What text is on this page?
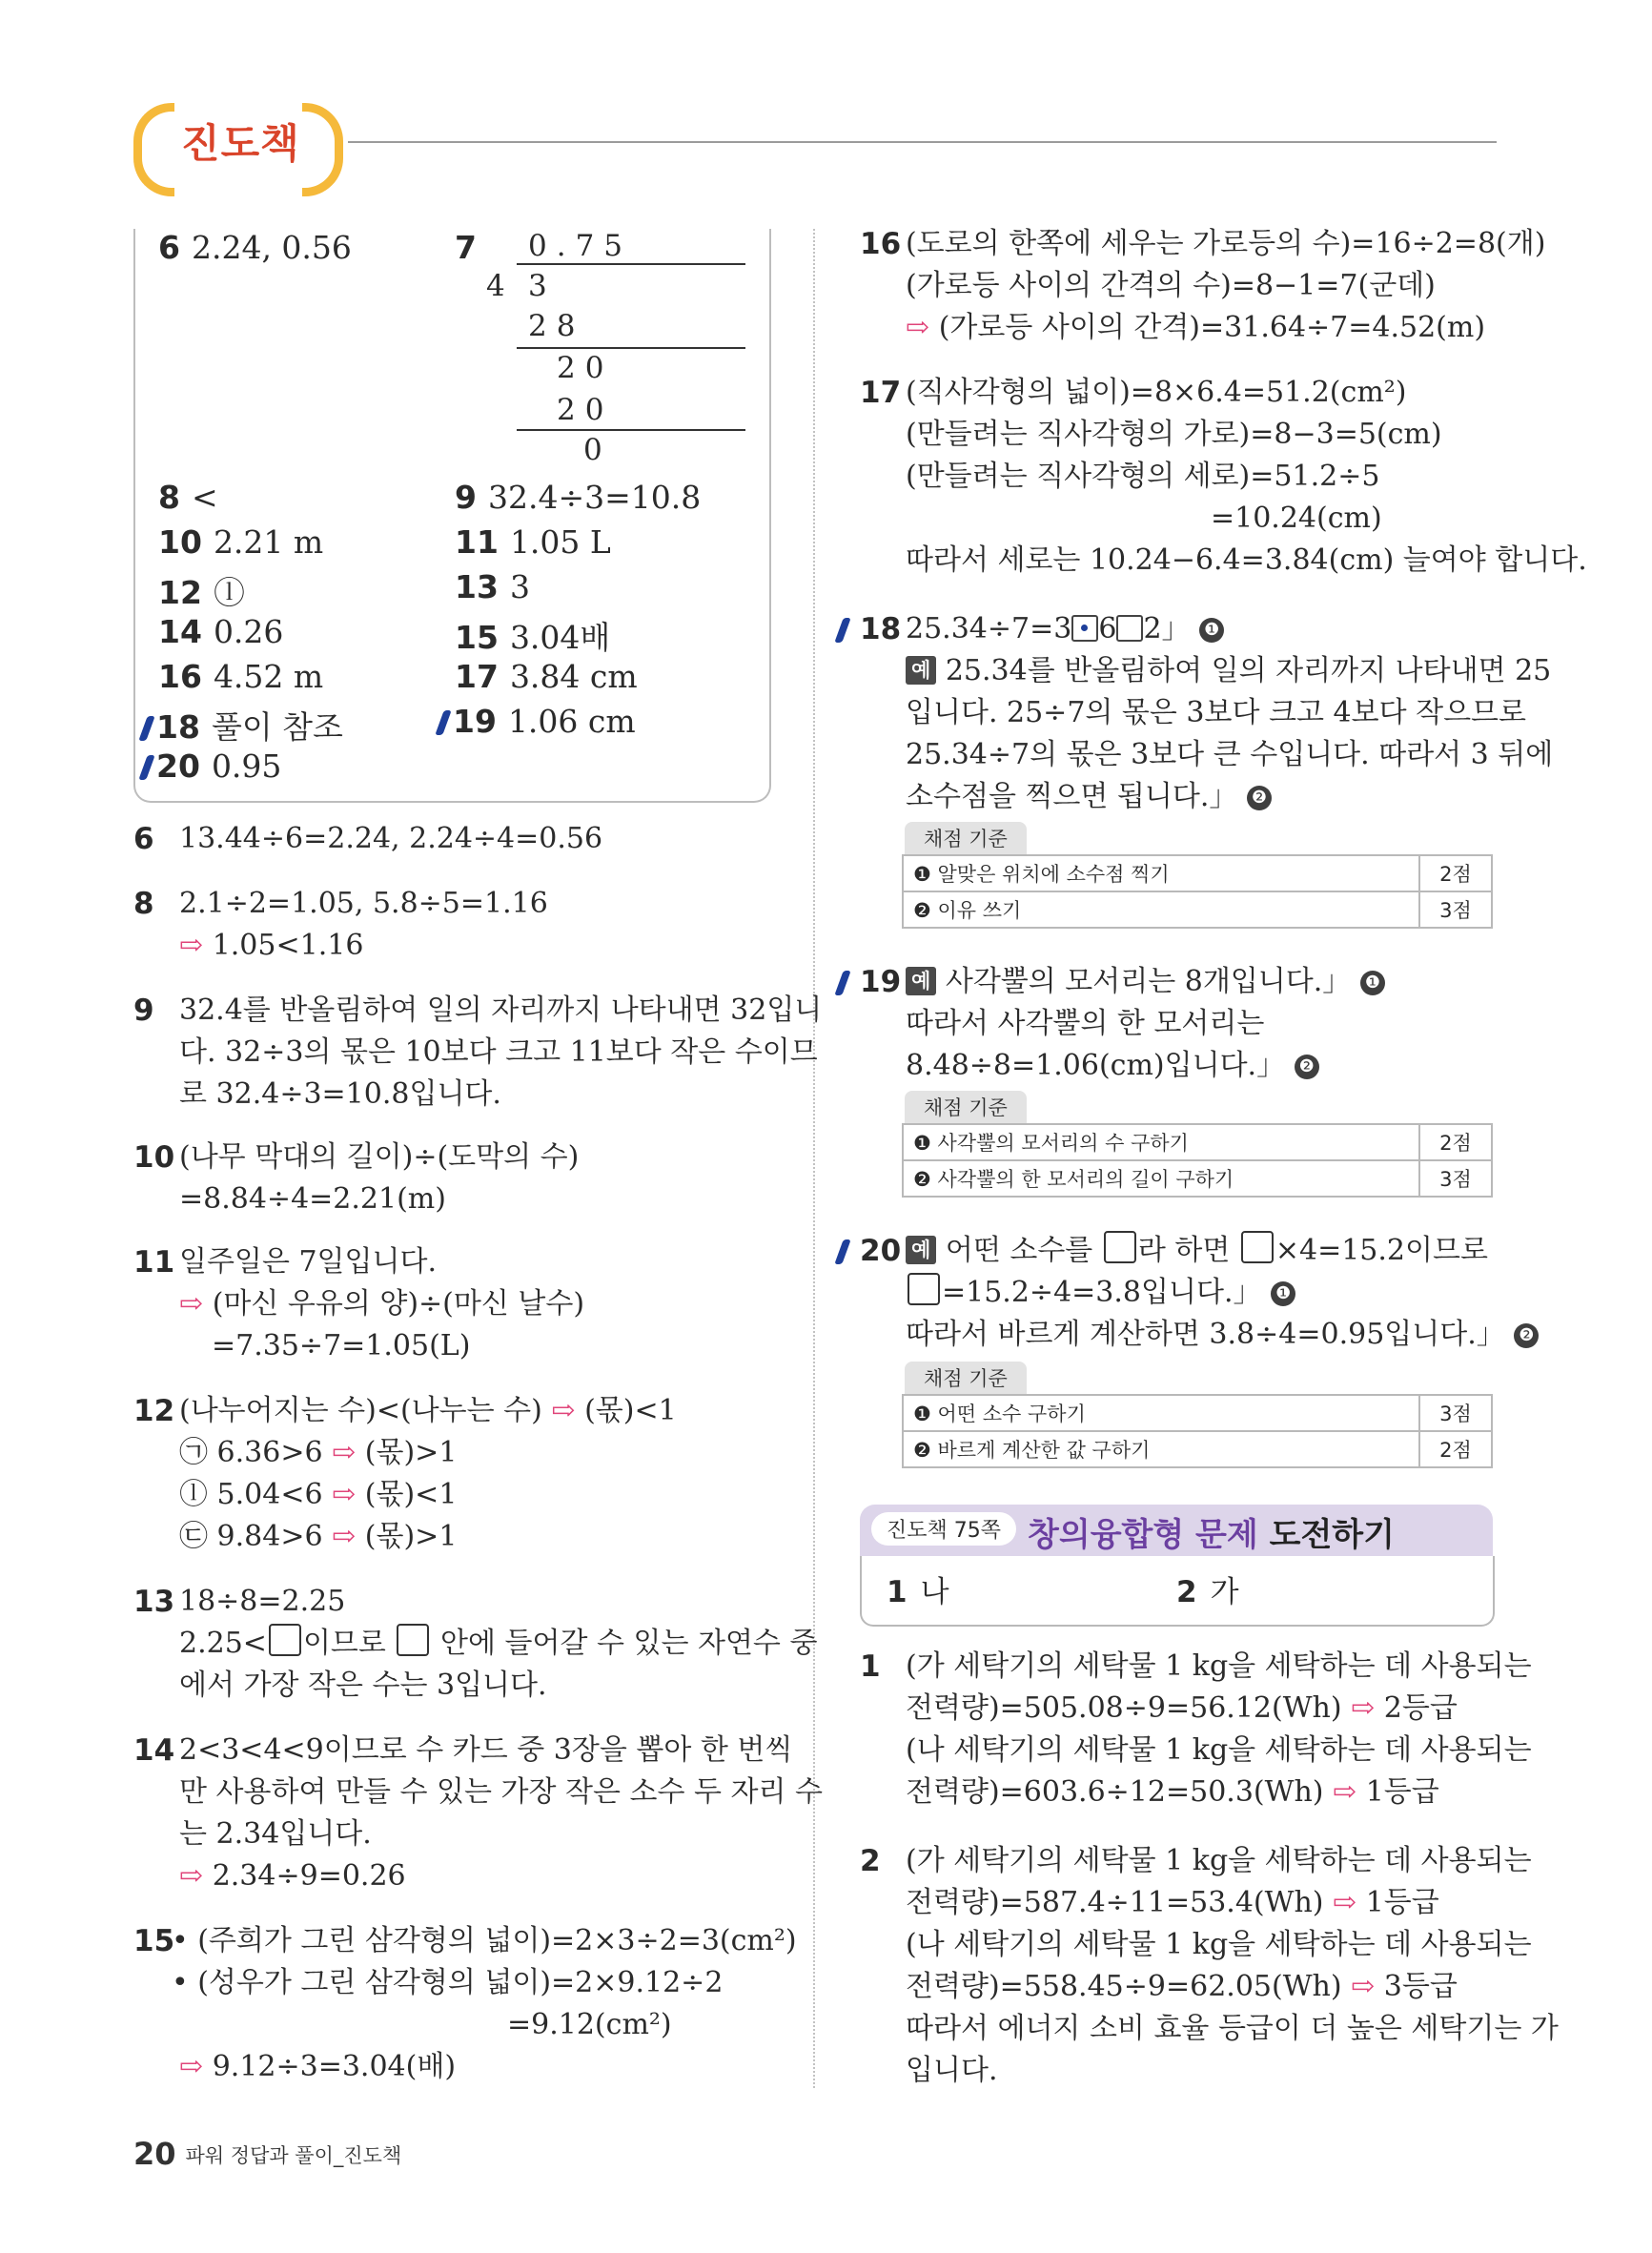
진도책
6 2.24, 0.56	7	0.75
4 3
28
20
20
0
8 <	9 32.4÷3=10.8
10 2.21 m	11 1.05 L
12 ⓛ	13 3
14 0.26	15 3.04배
16 4.52 m	17 3.84 cm
18 풀이 참조	19 1.06 cm
20 0.95
6 13.44÷6=2.24, 2.24÷4=0.56
8 2.1÷2=1.05, 5.8÷5=1.16
⇨ 1.05<1.16
9 32.4를 반올림하여 일의 자리까지 나타내면 32입니
다. 32÷3의 몫은 10보다 크고 11보다 작은 수이므
로 32.4÷3=10.8입니다.
10 (나무 막대의 길이)÷(도막의 수)
=8.84÷4=2.21(m)
11 일주일은 7일입니다.
⇨ (마신 우유의 양)÷(마신 날수)
=7.35÷7=1.05(L)
12 (나누어지는 수)<(나누는 수) ⇨ (몫)<1
㉠ 6.36>6 ⇨ (몫)>1
ⓛ 5.04<6 ⇨ (몫)<1
㉢ 9.84>6 ⇨ (몫)>1
13 18÷8=2.25
2.25< 이므로 안에 들어갈 수 있는 자연수 중
에서 가장 작은 수는 3입니다.
14 2<3<4<9이므로 수 카드 중 3장을 뽑아 한 번씩
만 사용하여 만들 수 있는 가장 작은 소수 두 자리 수
는 2.34입니다.
⇨ 2.34÷9=0.26
15
• (주희가 그린 삼각형의 넓이)=2×3÷2=3(cm²)
• (성우가 그린 삼각형의 넓이)=2×9.12÷2
=9.12(cm²)
⇨ 9.12÷3=3.04(배)
16 (도로의 한쪽에 세우는 가로등의 수)=16÷2=8(개)
(가로등 사이의 간격의 수)=8−1=7(군데)
⇨ (가로등 사이의 간격)=31.64÷7=4.52(m)
17 (직사각형의 넓이)=8×6.4=51.2(cm²)
(만들려는 직사각형의 가로)=8−3=5(cm)
(만들려는 직사각형의 세로)=51.2÷5
=10.24(cm)
따라서 세로는 10.24−6.4=3.84(cm) 늘여야 합니다.
18 25.34÷7=3 6 2」 ❶
예 25.34를 반올림하여 일의 자리까지 나타내면 25
입니다. 25÷7의 몫은 3보다 크고 4보다 작으므로
25.34÷7의 몫은 3보다 큰 수입니다. 따라서 3 뒤에
소수점을 찍으면 됩니다.」 ❷
채점 기준
❶ 알맞은 위치에 소수점 찍기	2점
❷ 이유 쓰기	3점
19 예 사각뿔의 모서리는 8개입니다.」 ❶
따라서 사각뿔의 한 모서리는
8.48÷8=1.06(cm)입니다.」 ❷
채점 기준
❶ 사각뿔의 모서리의 수 구하기	2점
❷ 사각뿔의 한 모서리의 길이 구하기	3점
20 예 어떤 소수를 라 하면 ×4=15.2이므로
=15.2÷4=3.8입니다.」 ❶
따라서 바르게 계산하면 3.8÷4=0.95입니다.」 ❷
채점 기준
❶ 어떤 소수 구하기	3점
❷ 바르게 계산한 값 구하기	2점
진도책 75쪽 창의융합형 문제 도전하기
1 나	2 가
1 (가 세탁기의 세탁물 1 kg을 세탁하는 데 사용되는
전력량)=505.08÷9=56.12(Wh) ⇨ 2등급
(나 세탁기의 세탁물 1 kg을 세탁하는 데 사용되는
전력량)=603.6÷12=50.3(Wh) ⇨ 1등급
2 (가 세탁기의 세탁물 1 kg을 세탁하는 데 사용되는
전력량)=587.4÷11=53.4(Wh) ⇨ 1등급
(나 세탁기의 세탁물 1 kg을 세탁하는 데 사용되는
전력량)=558.45÷9=62.05(Wh) ⇨ 3등급
따라서 에너지 소비 효율 등급이 더 높은 세탁기는 가
입니다.
20 파워 정답과 풀이_진도책
